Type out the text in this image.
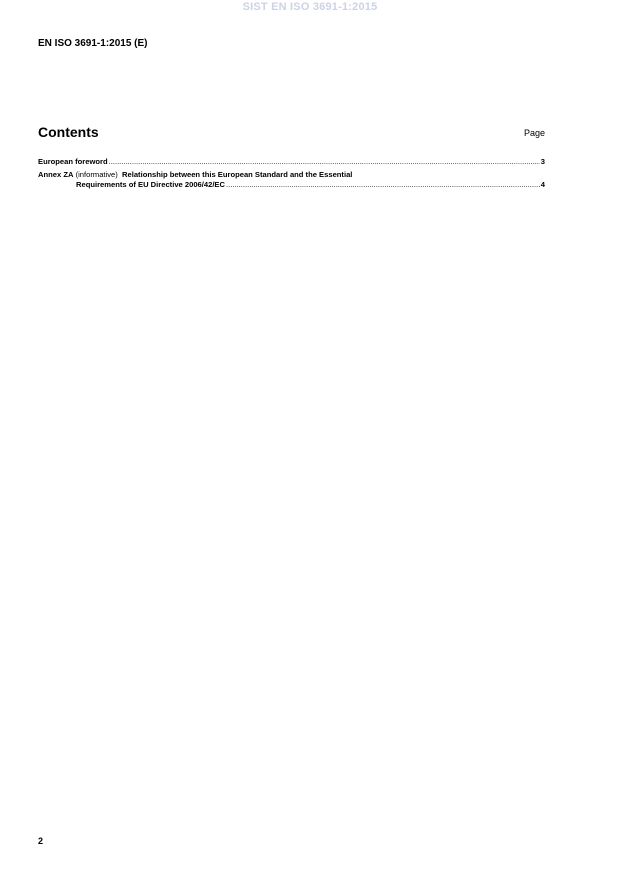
SIST EN ISO 3691-1:2015
EN ISO 3691-1:2015 (E)
Contents	Page
European foreword .....	3
Annex ZA (informative) Relationship between this European Standard and the Essential
Requirements of EU Directive 2006/42/EC .....	4
2
